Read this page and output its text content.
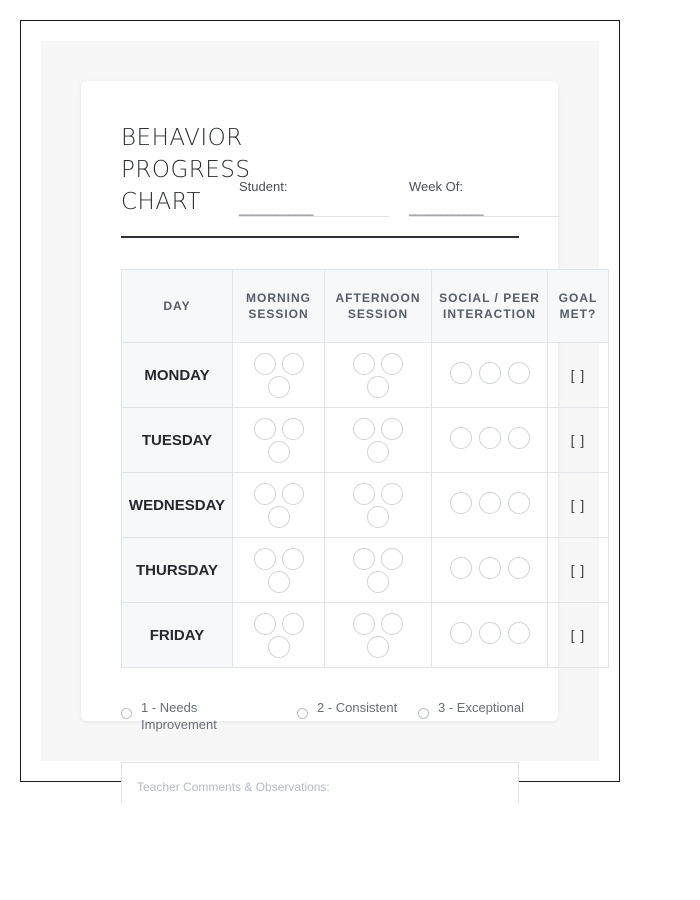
BEHAVIOR PROGRESS CHART
Student:
____________
Week Of:
____________
DAY	MORNING SESSION	AFTERNOON SESSION	SOCIAL / PEER INTERACTION	GOAL MET?
MONDAY				[ ]
TUESDAY				[ ]
WEDNESDAY				[ ]
THURSDAY				[ ]
FRIDAY				[ ]
1 - Needs Improvement
2 - Consistent	3 - Exceptional
Teacher Comments & Observations:
